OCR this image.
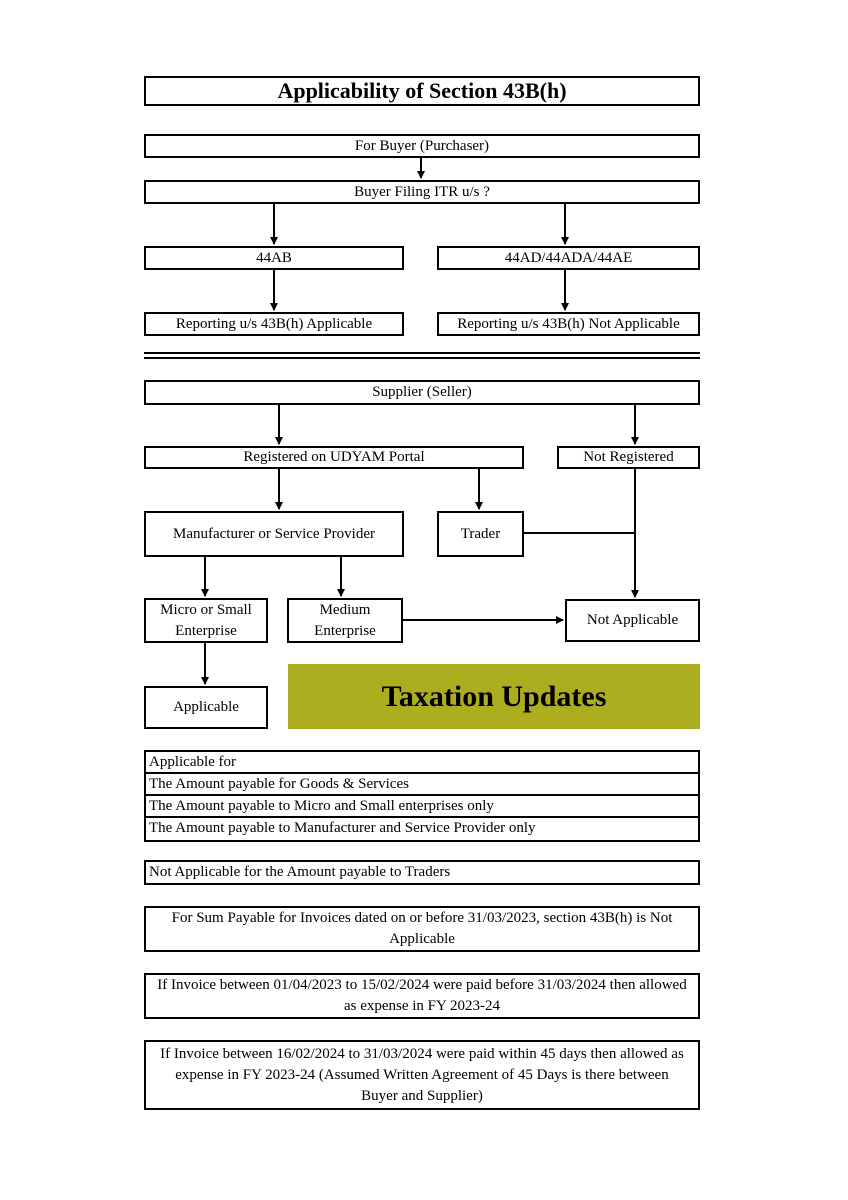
Applicability of Section 43B(h)
For Buyer (Purchaser)
Buyer Filing ITR u/s ?
44AB	44AD/44ADA/44AE
Reporting u/s 43B(h) Applicable	Reporting u/s 43B(h) Not Applicable
Supplier (Seller)
Registered on UDYAM Portal	Not Registered
Manufacturer or Service Provider	Trader
Micro or Small Enterprise
Medium Enterprise
Not Applicable
Applicable	Taxation Updates
Applicable for
The Amount payable for Goods & Services
The Amount payable to Micro and Small enterprises only
The Amount payable to Manufacturer and Service Provider only
Not Applicable for the Amount payable to Traders
For Sum Payable for Invoices dated on or before 31/03/2023, section 43B(h) is Not Applicable
If Invoice between 01/04/2023 to 15/02/2024 were paid before 31/03/2024 then allowed as expense in FY 2023-24
If Invoice between 16/02/2024 to 31/03/2024 were paid within 45 days then allowed as expense in FY 2023-24 (Assumed Written Agreement of 45 Days is there between Buyer and Supplier)
